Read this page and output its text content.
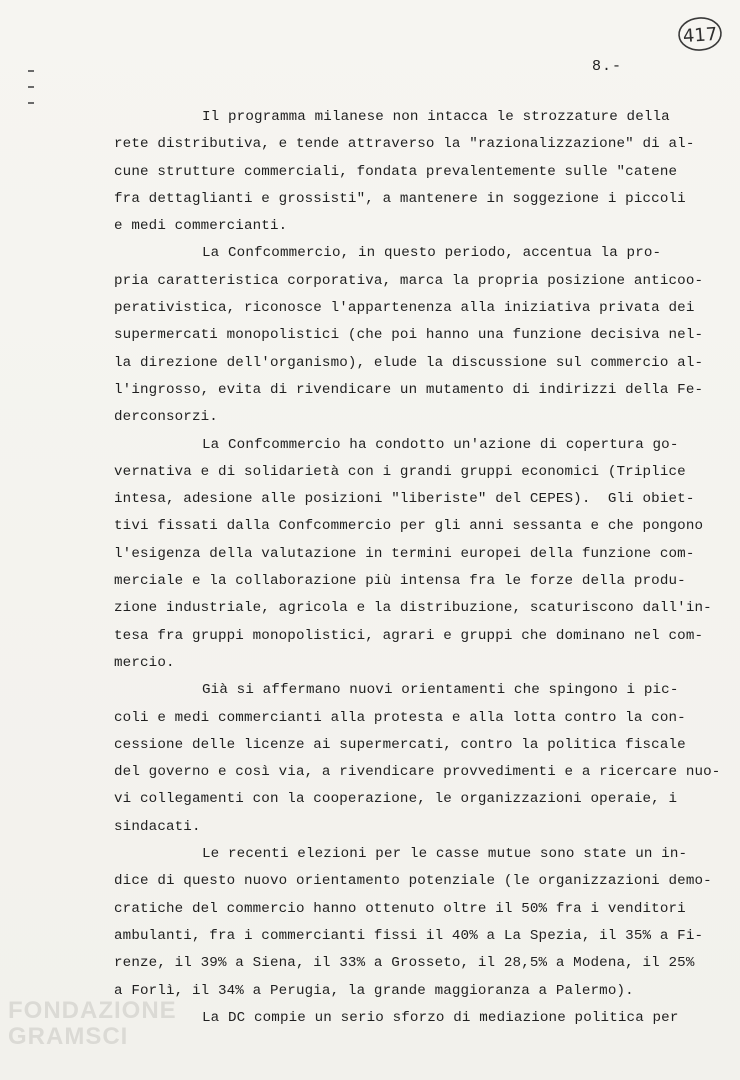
417
8.-
Il programma milanese non intacca le strozzature della
rete distributiva, e tende attraverso la "razionalizzazione" di al-
cune strutture commerciali, fondata prevalentemente sulle "catene
fra dettaglianti e grossisti", a mantenere in soggezione i piccoli
e medi commercianti.
La Confcommercio, in questo periodo, accentua la pro-
pria caratteristica corporativa, marca la propria posizione anticoo-
perativistica, riconosce l'appartenenza alla iniziativa privata dei
supermercati monopolistici (che poi hanno una funzione decisiva nel-
la direzione dell'organismo), elude la discussione sul commercio al-
l'ingrosso, evita di rivendicare un mutamento di indirizzi della Fe-
derconsorzi.
La Confcommercio ha condotto un'azione di copertura go-
vernativa e di solidarietà con i grandi gruppi economici (Triplice
intesa, adesione alle posizioni "liberiste" del CEPES).  Gli obiet-
tivi fissati dalla Confcommercio per gli anni sessanta e che pongono
l'esigenza della valutazione in termini europei della funzione com-
merciale e la collaborazione più intensa fra le forze della produ-
zione industriale, agricola e la distribuzione, scaturiscono dall'in-
tesa fra gruppi monopolistici, agrari e gruppi che dominano nel com-
mercio.
Già si affermano nuovi orientamenti che spingono i pic-
coli e medi commercianti alla protesta e alla lotta contro la con-
cessione delle licenze ai supermercati, contro la politica fiscale
del governo e così via, a rivendicare provvedimenti e a ricercare nuo-
vi collegamenti con la cooperazione, le organizzazioni operaie, i
sindacati.
Le recenti elezioni per le casse mutue sono state un in-
dice di questo nuovo orientamento potenziale (le organizzazioni demo-
cratiche del commercio hanno ottenuto oltre il 50% fra i venditori
ambulanti, fra i commercianti fissi il 40% a La Spezia, il 35% a Fi-
renze, il 39% a Siena, il 33% a Grosseto, il 28,5% a Modena, il 25%
a Forlì, il 34% a Perugia, la grande maggioranza a Palermo).
La DC compie un serio sforzo di mediazione politica per
FONDAZIONE
GRAMSCI
